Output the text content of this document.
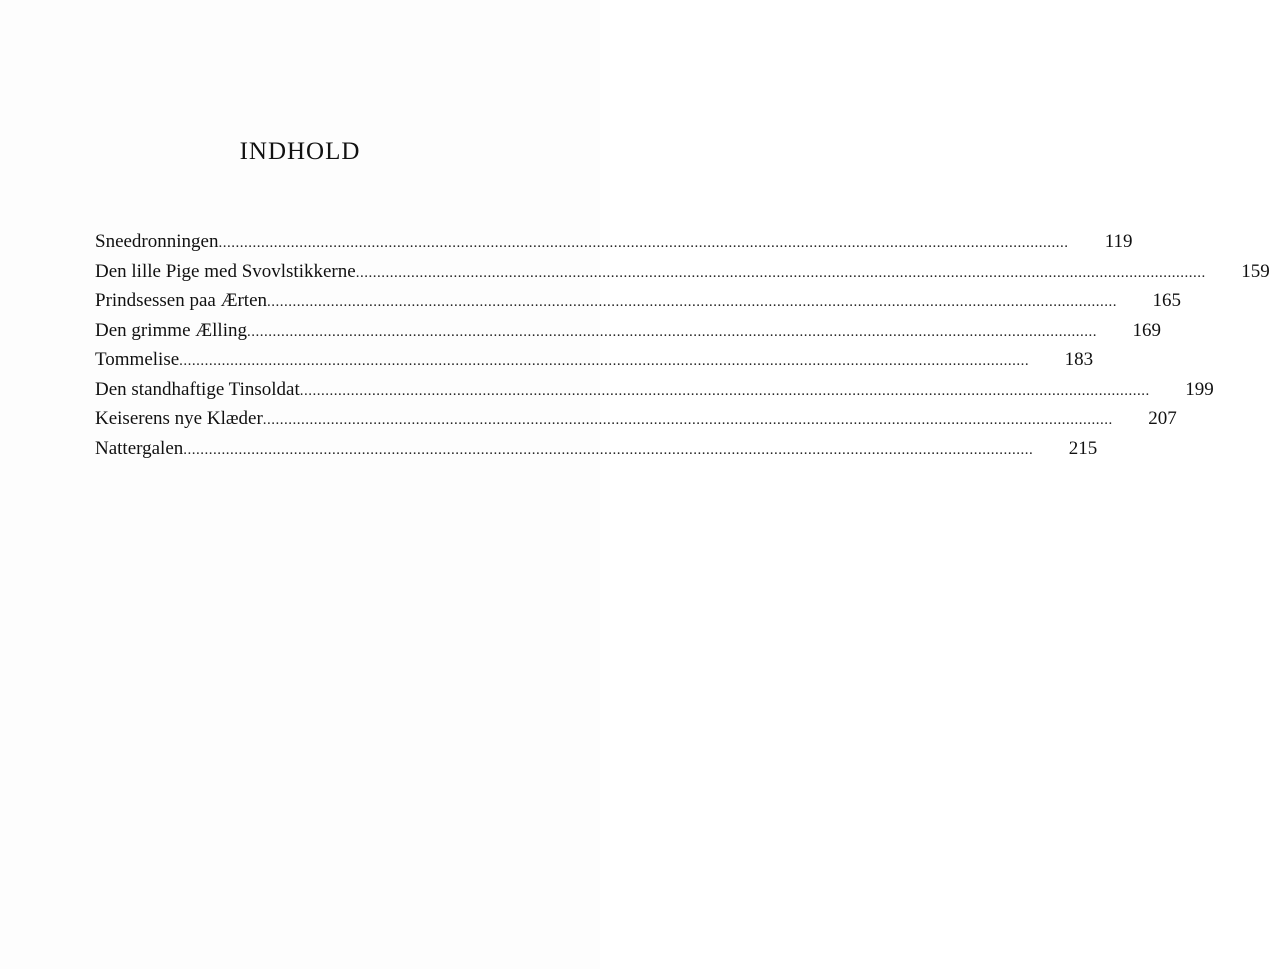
INDHOLD
Sneedronningen ........................................................................................................................................................................................................	119
Den lille Pige med Svovlstikkerne ........................................................................................................................................................................................................	159
Prindsessen paa Ærten ........................................................................................................................................................................................................	165
Den grimme Ælling ........................................................................................................................................................................................................	169
Tommelise ........................................................................................................................................................................................................	183
Den standhaftige Tinsoldat ........................................................................................................................................................................................................	199
Keiserens nye Klæder ........................................................................................................................................................................................................	207
Nattergalen ........................................................................................................................................................................................................	215
